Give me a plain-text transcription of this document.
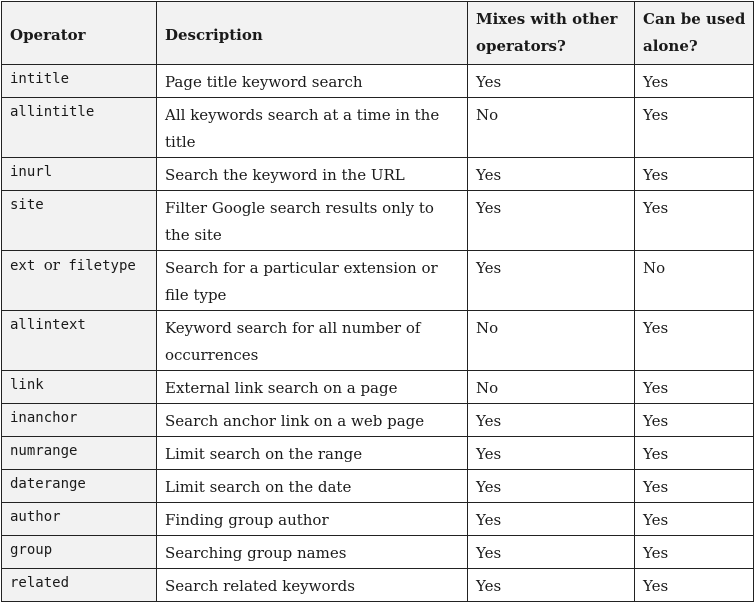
Operator	Description	Mixes with other operators?	Can be used alone?
intitle	Page title keyword search	Yes	Yes
allintitle	All keywords search at a time in the title	No	Yes
inurl	Search the keyword in the URL	Yes	Yes
site	Filter Google search results only to the site	Yes	Yes
ext or filetype	Search for a particular extension or file type	Yes	No
allintext	Keyword search for all number of occurrences	No	Yes
link	External link search on a page	No	Yes
inanchor	Search anchor link on a web page	Yes	Yes
numrange	Limit search on the range	Yes	Yes
daterange	Limit search on the date	Yes	Yes
author	Finding group author	Yes	Yes
group	Searching group names	Yes	Yes
related	Search related keywords	Yes	Yes
